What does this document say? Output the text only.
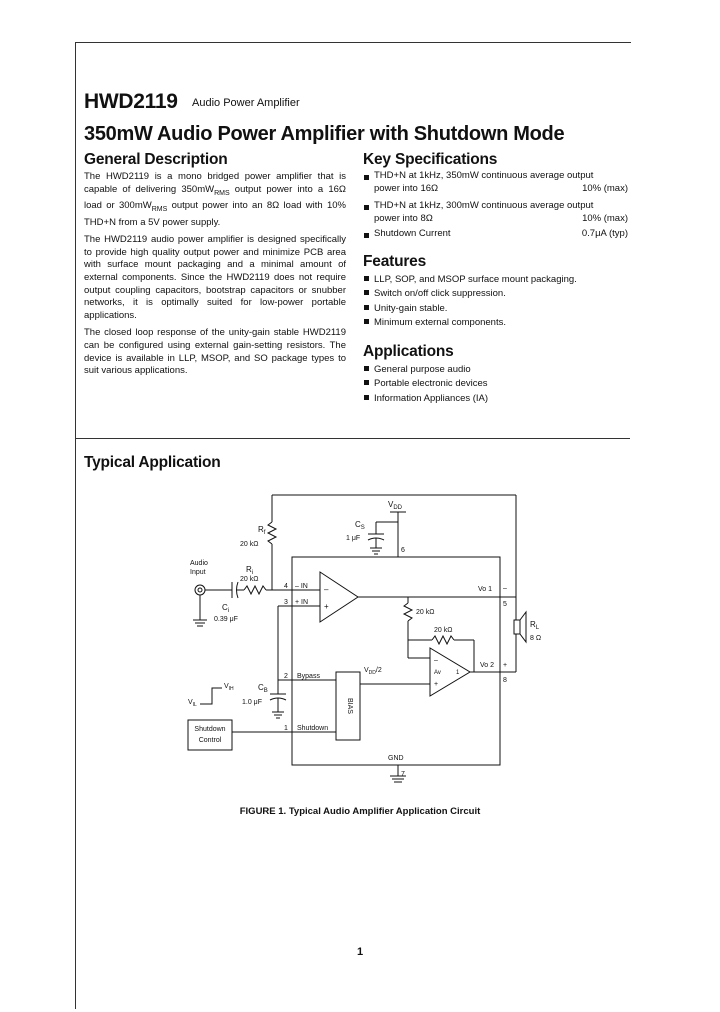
HWD2119 Audio Power Amplifier
350mW Audio Power Amplifier with Shutdown Mode
General Description

The HWD2119 is a mono bridged power amplifier that is capable of delivering $350mW_{RMS}$ output power into a 16Ω load or $300mW_{RMS}$ output power into an 8Ω load with 10% THD+N from a 5V power supply.

The HWD2119 audio power amplifier is designed specifically to provide high quality output power and minimize PCB area with surface mount packaging and a minimal amount of external components. Since the HWD2119 does not require output coupling capacitors, bootstrap capacitors or snubber networks, it is optimally suited for low-power portable applications.

The closed loop response of the unity-gain stable HWD2119 can be configured using external gain-setting resistors. The device is available in LLP, MSOP, and SO package types to suit various applications.

Key Specifications
THD+N at 1kHz, 350mW continuous average output
power into 16Ω	10% (max)
THD+N at 1kHz, 300mW continuous average output
power into 8Ω	10% (max)
Shutdown Current	0.7μA (typ)
Features
LLP, SOP, and MSOP surface mount packaging.
Switch on/off click suppression.
Unity-gain stable.
Minimum external components.
Applications
General purpose audio
Portable electronic devices
Information Appliances (IA)
Typical Application
$V_{DD}$
6
$C_S$
1 μF
$R_f$
20 kΩ
Audio
Input
$C_i$
0.39 μF
$R_i$
20 kΩ
4 – IN
3 + IN
–
+
Vo 1 –
5
20 kΩ
20 kΩ
–
+
Av	1
Vo 2 +
8
$R_L$
8 Ω
2 Bypass
$V_{DD}/2$
BIAS
$C_B$
1.0 μF
1 Shutdown
Shutdown
Control
$V_{IH}$
$V_{IL}$
GND
7
FIGURE 1. Typical Audio Amplifier Application Circuit
1
